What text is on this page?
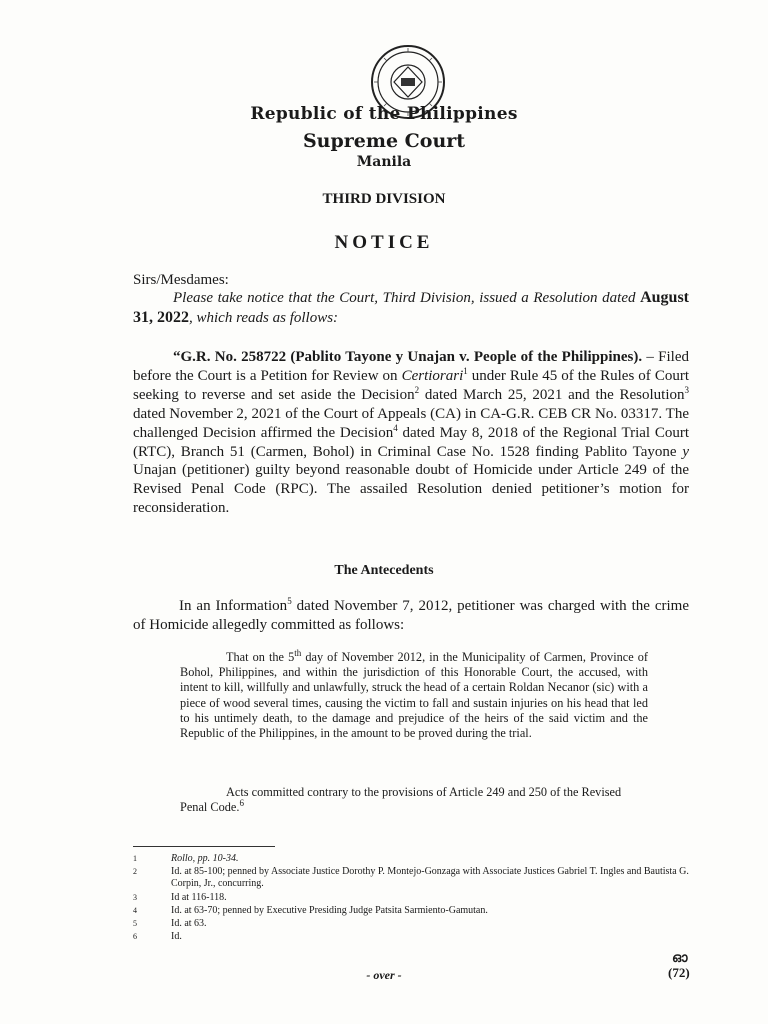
Republic of the Philippines
Supreme Court
Manila
THIRD DIVISION
NOTICE
Sirs/Mesdames:
Please take notice that the Court, Third Division, issued a Resolution dated August 31, 2022, which reads as follows:
“G.R. No. 258722 (Pablito Tayone y Unajan v. People of the Philippines). – Filed before the Court is a Petition for Review on Certiorari$^1$ under Rule 45 of the Rules of Court seeking to reverse and set aside the Decision$^2$ dated March 25, 2021 and the Resolution$^3$ dated November 2, 2021 of the Court of Appeals (CA) in CA-G.R. CEB CR No. 03317. The challenged Decision affirmed the Decision$^4$ dated May 8, 2018 of the Regional Trial Court (RTC), Branch 51 (Carmen, Bohol) in Criminal Case No. 1528 finding Pablito Tayone y Unajan (petitioner) guilty beyond reasonable doubt of Homicide under Article 249 of the Revised Penal Code (RPC). The assailed Resolution denied petitioner’s motion for reconsideration.
The Antecedents
In an Information$^5$ dated November 7, 2012, petitioner was charged with the crime of Homicide allegedly committed as follows:
That on the 5th day of November 2012, in the Municipality of Carmen, Province of Bohol, Philippines, and within the jurisdiction of this Honorable Court, the accused, with intent to kill, willfully and unlawfully, struck the head of a certain Roldan Necanor (sic) with a piece of wood several times, causing the victim to fall and sustain injuries on his head that led to his untimely death, to the damage and prejudice of the heirs of the said victim and the Republic of the Philippines, in the amount to be proved during the trial.
Acts committed contrary to the provisions of Article 249 and 250 of the Revised Penal Code.$^6$
1	Rollo, pp. 10-34.
2	Id. at 85-100; penned by Associate Justice Dorothy P. Montejo-Gonzaga with Associate Justices Gabriel T. Ingles and Bautista G. Corpin, Jr., concurring.
3	Id at 116-118.
4	Id. at 63-70; penned by Executive Presiding Judge Patsita Sarmiento-Gamutan.
5	Id. at 63.
6	Id.
- over -
ഓ
(72)
